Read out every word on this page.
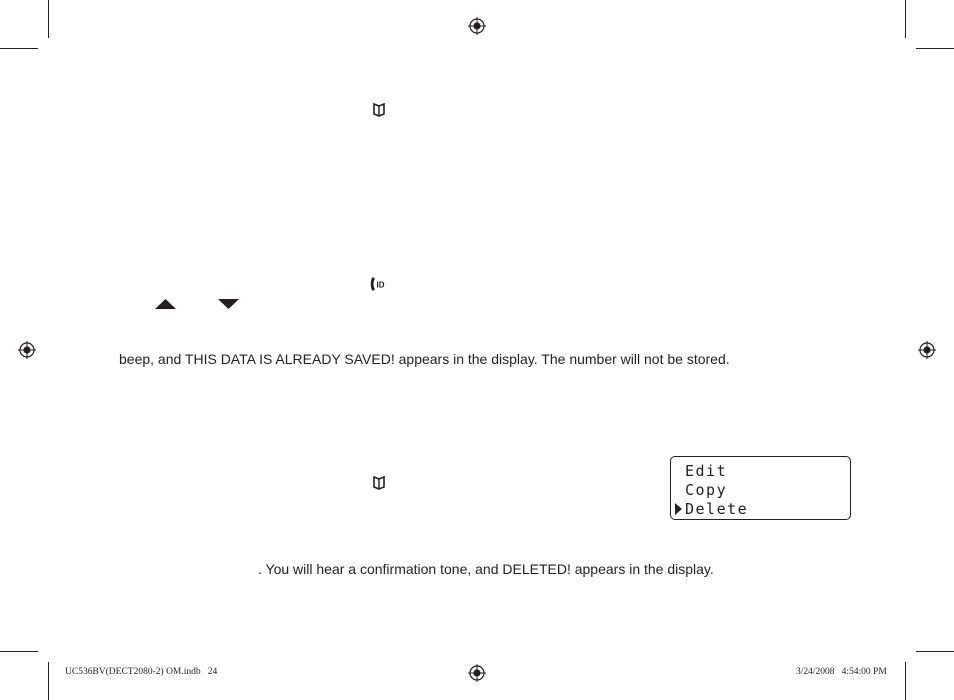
ID
beep, and THIS DATA IS ALREADY SAVED! appears in the display. The number will not be stored.
Edit
Copy
Delete
. You will hear a confirmation tone, and DELETED! appears in the display.
UC536BV(DECT2080-2) OM.indb 24	3/24/2008   4:54:00 PM
